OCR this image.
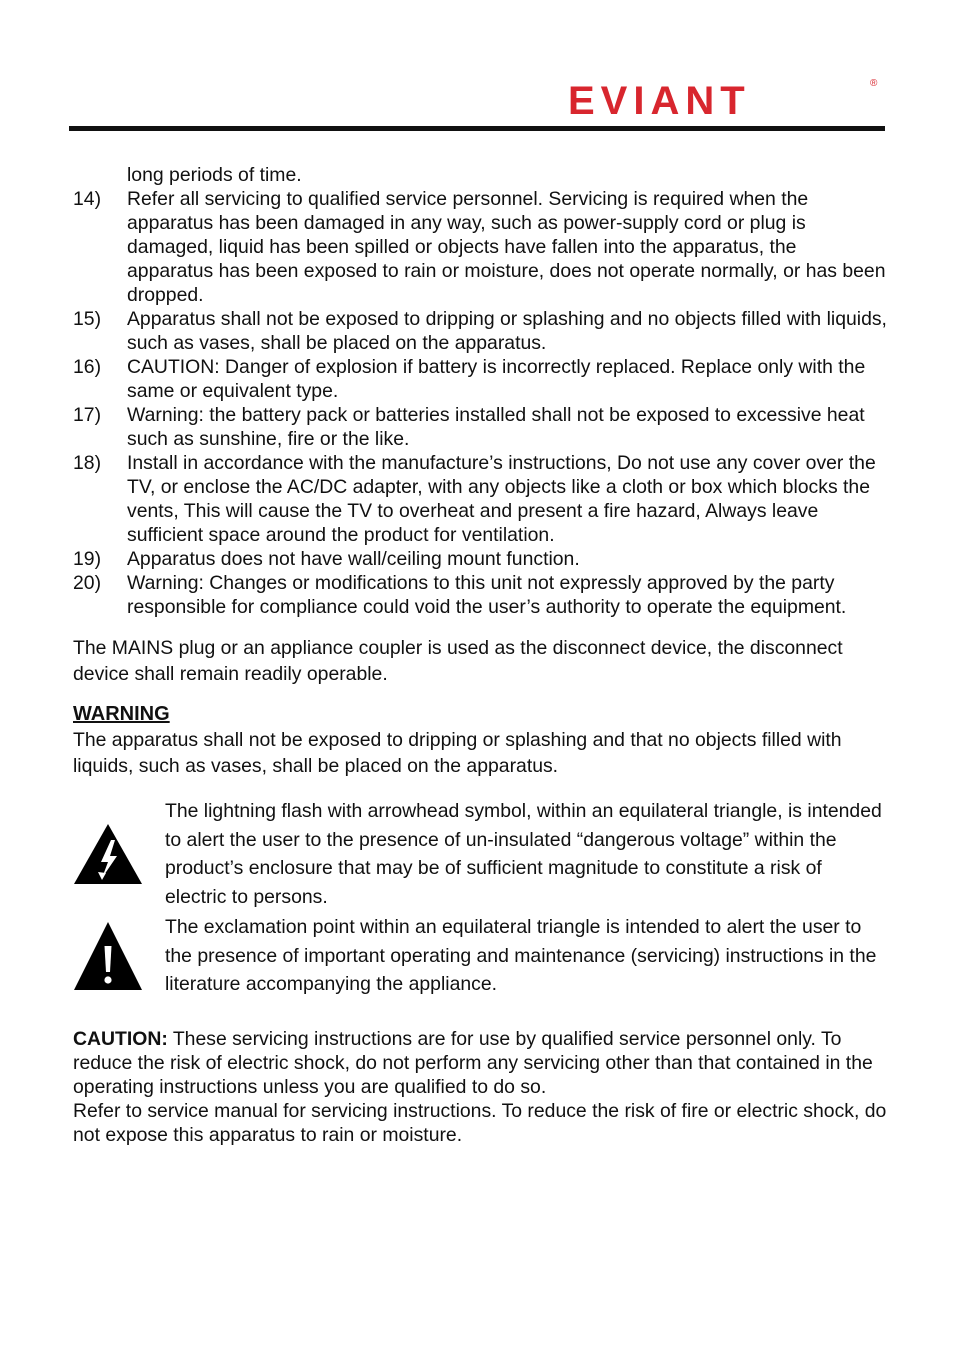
EVIANT	®
long periods of time.
14)	Refer all servicing to qualified service personnel. Servicing is required when the apparatus has been damaged in any way, such as power-supply cord or plug is damaged, liquid has been spilled or objects have fallen into the apparatus, the apparatus has been exposed to rain or moisture, does not operate normally, or has been dropped.
15)	Apparatus shall not be exposed to dripping or splashing and no objects filled with liquids, such as vases, shall be placed on the apparatus.
16)	CAUTION: Danger of explosion if battery is incorrectly replaced. Replace only with the same or equivalent type.
17)	Warning: the battery pack or batteries installed shall not be exposed to excessive heat such as sunshine, fire or the like.
18)	Install in accordance with the manufacture’s instructions, Do not use any cover over the TV, or enclose the AC/DC adapter, with any objects like a cloth or box which blocks the vents, This will cause the TV to overheat and present a fire hazard, Always leave sufficient space around the product for ventilation.
19)	Apparatus does not have wall/ceiling mount function.
20)	Warning: Changes or modifications to this unit not expressly approved by the party responsible for compliance could void the user’s authority to operate the equipment.
The MAINS plug or an appliance coupler is used as the disconnect device, the disconnect device shall remain readily operable.
WARNING
The apparatus shall not be exposed to dripping or splashing and that no objects filled with liquids, such as vases, shall be placed on the apparatus.
The lightning flash with arrowhead symbol, within an equilateral triangle, is intended to alert the user to the presence of un-insulated “dangerous voltage” within the product’s enclosure that may be of sufficient magnitude to constitute a risk of electric to persons.
The exclamation point within an equilateral triangle is intended to alert the user to the presence of important operating and maintenance (servicing) instructions in the literature accompanying the appliance.
CAUTION: These servicing instructions are for use by qualified service personnel only. To reduce the risk of electric shock, do not perform any servicing other than that contained in the operating instructions unless you are qualified to do so.
Refer to service manual for servicing instructions. To reduce the risk of fire or electric shock, do not expose this apparatus to rain or moisture.
